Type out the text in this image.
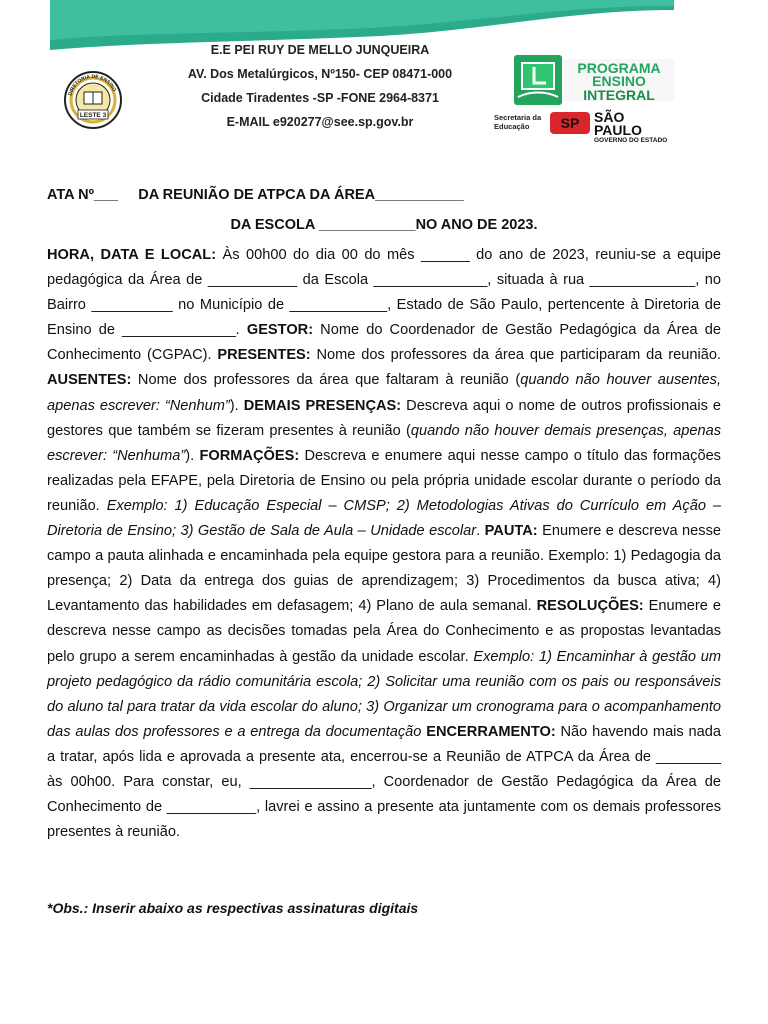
E.E PEI RUY DE MELLO JUNQUEIRA
AV. Dos Metalúrgicos, Nº150- CEP 08471-000
Cidade Tiradentes -SP -FONE 2964-8371
E-MAIL e920277@see.sp.gov.br
DIRETORIA DE ENSINO
LESTE 3
PROGRAMA
ENSINO
INTEGRAL
Secretaria da
Educação	SP SÃO PAULO
GOVERNO DO ESTADO
ATA Nº___     DA REUNIÃO DE ATPCA DA ÁREA___________
DA ESCOLA ____________NO ANO DE 2023.
HORA, DATA E LOCAL: Às 00h00 do dia 00 do mês ______ do ano de 2023, reuniu-se a equipe pedagógica da Área de ___________ da Escola ______________, situada à rua _____________, no Bairro __________ no Município de ____________, Estado de São Paulo, pertencente à Diretoria de Ensino de ______________. GESTOR: Nome do Coordenador de Gestão Pedagógica da Área de Conhecimento (CGPAC). PRESENTES: Nome dos professores da área que participaram da reunião. AUSENTES: Nome dos professores da área que faltaram à reunião (quando não houver ausentes, apenas escrever: “Nenhum”). DEMAIS PRESENÇAS: Descreva aqui o nome de outros profissionais e gestores que também se fizeram presentes à reunião (quando não houver demais presenças, apenas escrever: “Nenhuma”). FORMAÇÕES: Descreva e enumere aqui nesse campo o título das formações realizadas pela EFAPE, pela Diretoria de Ensino ou pela própria unidade escolar durante o período da reunião. Exemplo: 1) Educação Especial – CMSP; 2) Metodologias Ativas do Currículo em Ação – Diretoria de Ensino; 3) Gestão de Sala de Aula – Unidade escolar. PAUTA: Enumere e descreva nesse campo a pauta alinhada e encaminhada pela equipe gestora para a reunião. Exemplo: 1) Pedagogia da presença; 2) Data da entrega dos guias de aprendizagem; 3) Procedimentos da busca ativa; 4) Levantamento das habilidades em defasagem; 4) Plano de aula semanal. RESOLUÇÕES: Enumere e descreva nesse campo as decisões tomadas pela Área do Conhecimento e as propostas levantadas pelo grupo a serem encaminhadas à gestão da unidade escolar. Exemplo: 1) Encaminhar à gestão um projeto pedagógico da rádio comunitária escola; 2) Solicitar uma reunião com os pais ou responsáveis do aluno tal para tratar da vida escolar do aluno; 3) Organizar um cronograma para o acompanhamento das aulas dos professores e a entrega da documentação ENCERRAMENTO: Não havendo mais nada a tratar, após lida e aprovada a presente ata, encerrou-se a Reunião de ATPCA da Área de ________ às 00h00. Para constar, eu, _______________, Coordenador de Gestão Pedagógica da Área de Conhecimento de ___________, lavrei e assino a presente ata juntamente com os demais professores presentes à reunião.
*Obs.: Inserir abaixo as respectivas assinaturas digitais
